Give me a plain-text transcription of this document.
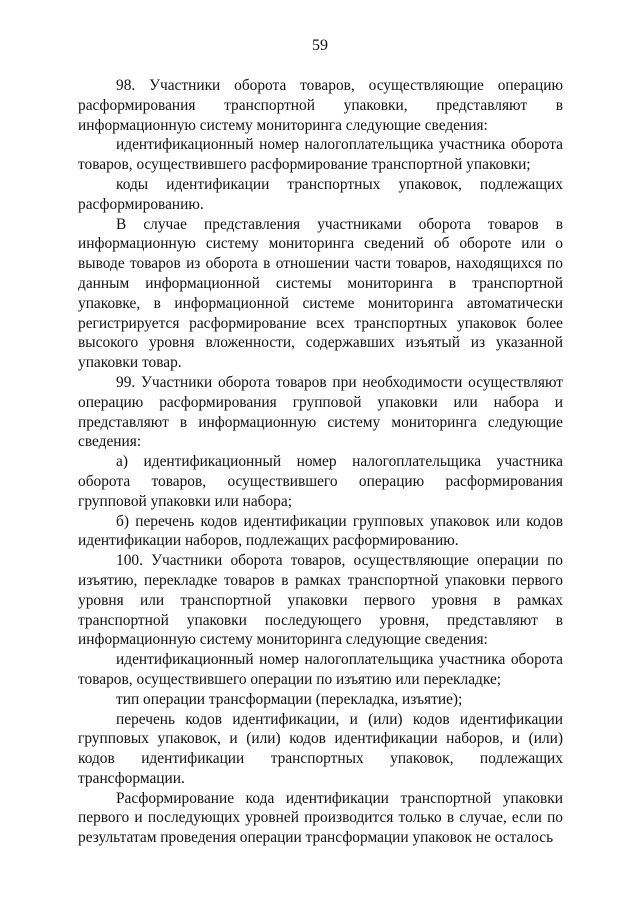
59

98. Участники оборота товаров, осуществляющие операцию расформирования транспортной упаковки, представляют в информационную систему мониторинга следующие сведения:

идентификационный номер налогоплательщика участника оборота товаров, осуществившего расформирование транспортной упаковки;

коды идентификации транспортных упаковок, подлежащих расформированию.

В случае представления участниками оборота товаров в информационную систему мониторинга сведений об обороте или о выводе товаров из оборота в отношении части товаров, находящихся по данным информационной системы мониторинга в транспортной упаковке, в информационной системе мониторинга автоматически регистрируется расформирование всех транспортных упаковок более высокого уровня вложенности, содержавших изъятый из указанной упаковки товар.

99. Участники оборота товаров при необходимости осуществляют операцию расформирования групповой упаковки или набора и представляют в информационную систему мониторинга следующие сведения:

а) идентификационный номер налогоплательщика участника оборота товаров, осуществившего операцию расформирования групповой упаковки или набора;

б) перечень кодов идентификации групповых упаковок или кодов идентификации наборов, подлежащих расформированию.

100. Участники оборота товаров, осуществляющие операции по изъятию, перекладке товаров в рамках транспортной упаковки первого уровня или транспортной упаковки первого уровня в рамках транспортной упаковки последующего уровня, представляют в информационную систему мониторинга следующие сведения:

идентификационный номер налогоплательщика участника оборота товаров, осуществившего операции по изъятию или перекладке;

тип операции трансформации (перекладка, изъятие);

перечень кодов идентификации, и (или) кодов идентификации групповых упаковок, и (или) кодов идентификации наборов, и (или) кодов идентификации транспортных упаковок, подлежащих трансформации.

Расформирование кода идентификации транспортной упаковки первого и последующих уровней производится только в случае, если по результатам проведения операции трансформации упаковок не осталось
